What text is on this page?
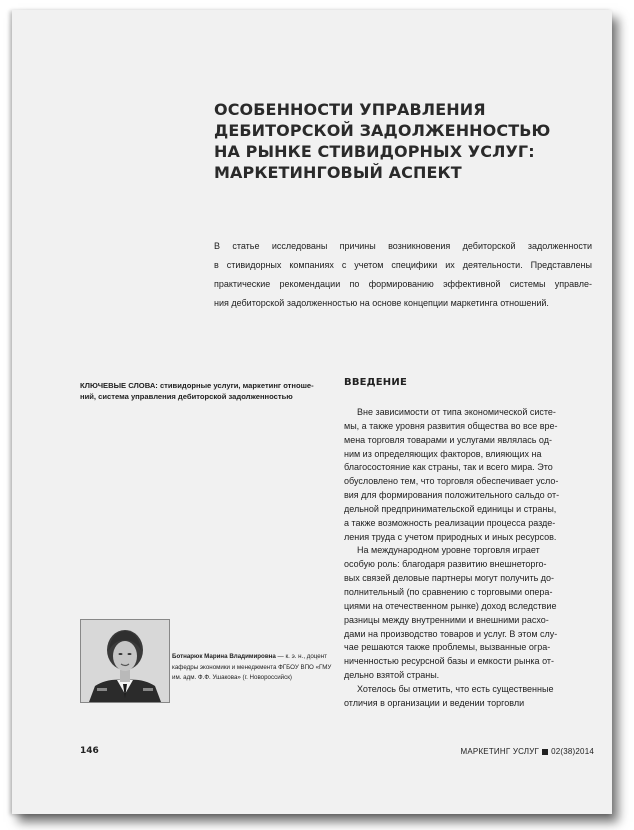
ОСОБЕННОСТИ УПРАВЛЕНИЯ
ДЕБИТОРСКОЙ ЗАДОЛЖЕННОСТЬЮ
НА РЫНКЕ СТИВИДОРНЫХ УСЛУГ:
МАРКЕТИНГОВЫЙ АСПЕКТ

В статье исследованы причины возникновения дебиторской задолженности
в стивидорных компаниях с учетом специфики их деятельности. Представлены
практические рекомендации по формированию эффективной системы управле-
ния дебиторской задолженностью на основе концепции маркетинга отношений.

КЛЮЧЕВЫЕ СЛОВА: стивидорные услуги, маркетинг отноше-
ний, система управления дебиторской задолженностью

ВВЕДЕНИЕ
Вне зависимости от типа экономической систе-
мы, а также уровня развития общества во все вре-
мена торговля товарами и услугами являлась од-
ним из определяющих факторов, влияющих на
благосостояние как страны, так и всего мира. Это
обусловлено тем, что торговля обеспечивает усло-
вия для формирования положительного сальдо от-
дельной предпринимательской единицы и страны,
а также возможность реализации процесса разде-
ления труда с учетом природных и иных ресурсов.
На международном уровне торговля играет
особую роль: благодаря развитию внешнеторго-
вых связей деловые партнеры могут получить до-
полнительный (по сравнению с торговыми опера-
циями на отечественном рынке) доход вследствие
разницы между внутренними и внешними расхо-
дами на производство товаров и услуг. В этом слу-
чае решаются также проблемы, вызванные огра-
ниченностью ресурсной базы и емкости рынка от-
дельно взятой страны.
Хотелось бы отметить, что есть существенные
отличия в организации и ведении торговли
Ботнарюк Марина Владимировна — к. э. н., доцент
кафедры экономики и менеджмента ФГБОУ ВПО «ГМУ
им. адм. Ф.Ф. Ушакова» (г. Новороссийск)
146	МАРКЕТИНГ УСЛУГ 02(38)2014
